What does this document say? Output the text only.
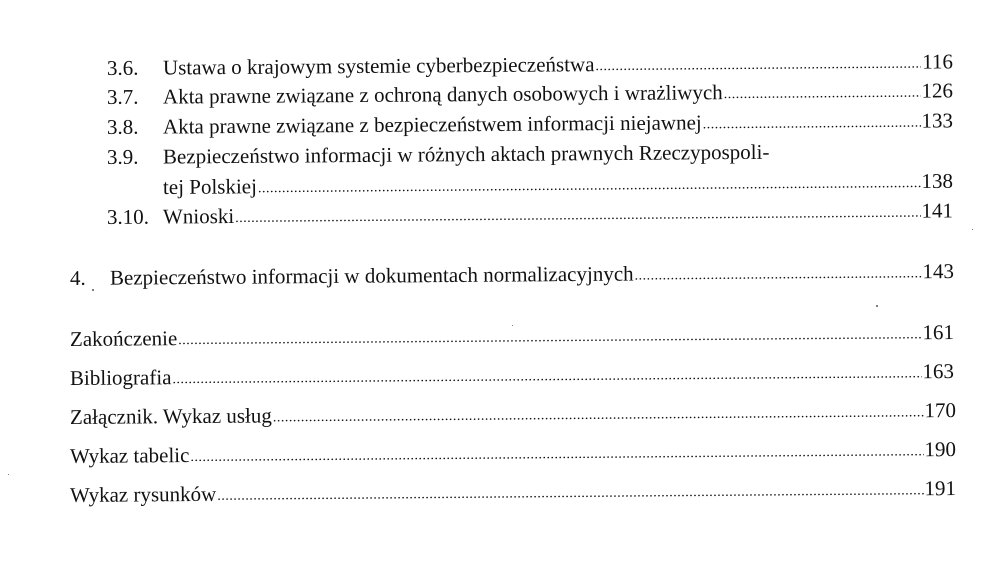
3.6.	Ustawa o krajowym systemie cyberbezpieczeństwa .....	116
3.7.	Akta prawne związane z ochroną danych osobowych i wrażliwych .....	126
3.8.	Akta prawne związane z bezpieczeństwem informacji niejawnej .....	133
3.9. Bezpieczeństwo informacji w różnych aktach prawnych Rzeczypospoli-
tej Polskiej .....	138
3.10. Wnioski .....	141
4.	Bezpieczeństwo informacji w dokumentach normalizacyjnych .....	143
Zakończenie .....	161
Bibliografia .....	163
Załącznik. Wykaz usług .....	170
Wykaz tabelic .....	190
Wykaz rysunków .....	191
